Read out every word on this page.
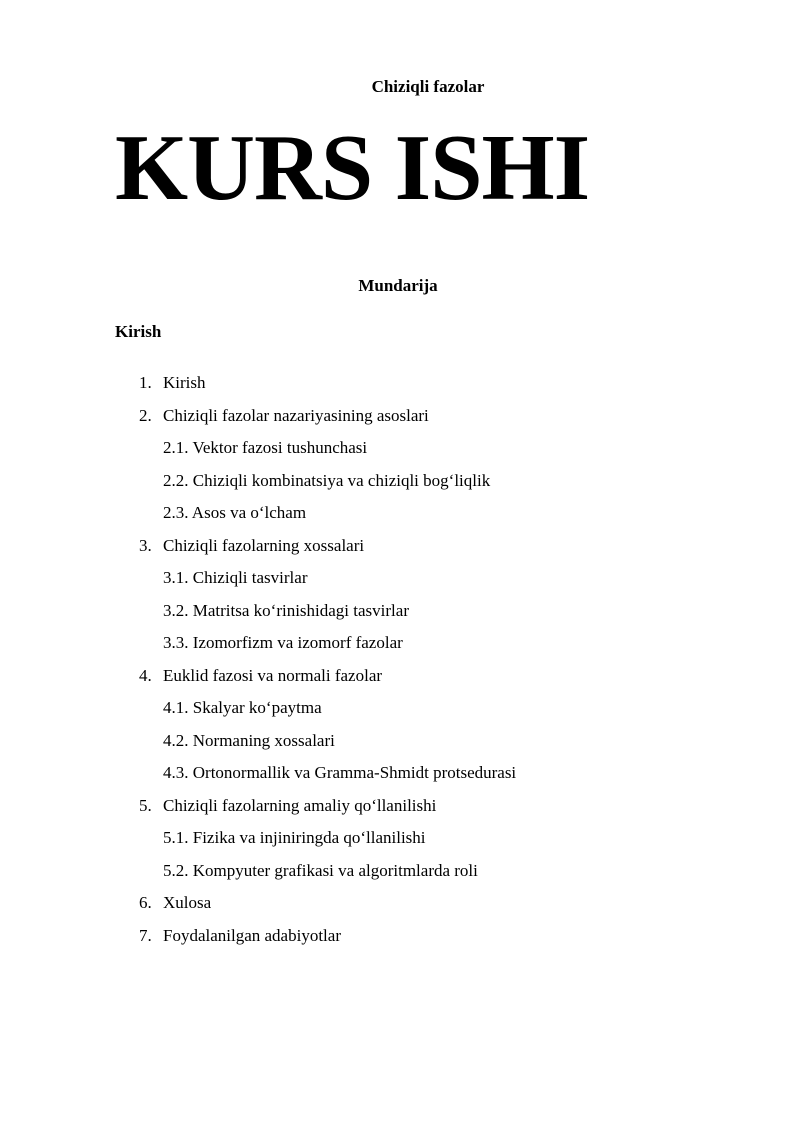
Chiziqli fazolar
KURS ISHI
Mundarija
Kirish
1. Kirish
2. Chiziqli fazolar nazariyasining asoslari
2.1. Vektor fazosi tushunchasi
2.2. Chiziqli kombinatsiya va chiziqli bog‘liqlik
2.3. Asos va o‘lcham
3. Chiziqli fazolarning xossalari
3.1. Chiziqli tasvirlar
3.2. Matritsa ko‘rinishidagi tasvirlar
3.3. Izomorfizm va izomorf fazolar
4. Euklid fazosi va normali fazolar
4.1. Skalyar ko‘paytma
4.2. Normaning xossalari
4.3. Ortonormallik va Gramma-Shmidt protsedurasi
5. Chiziqli fazolarning amaliy qo‘llanilishi
5.1. Fizika va injiniringda qo‘llanilishi
5.2. Kompyuter grafikasi va algoritmlarda roli
6. Xulosa
7. Foydalanilgan adabiyotlar
